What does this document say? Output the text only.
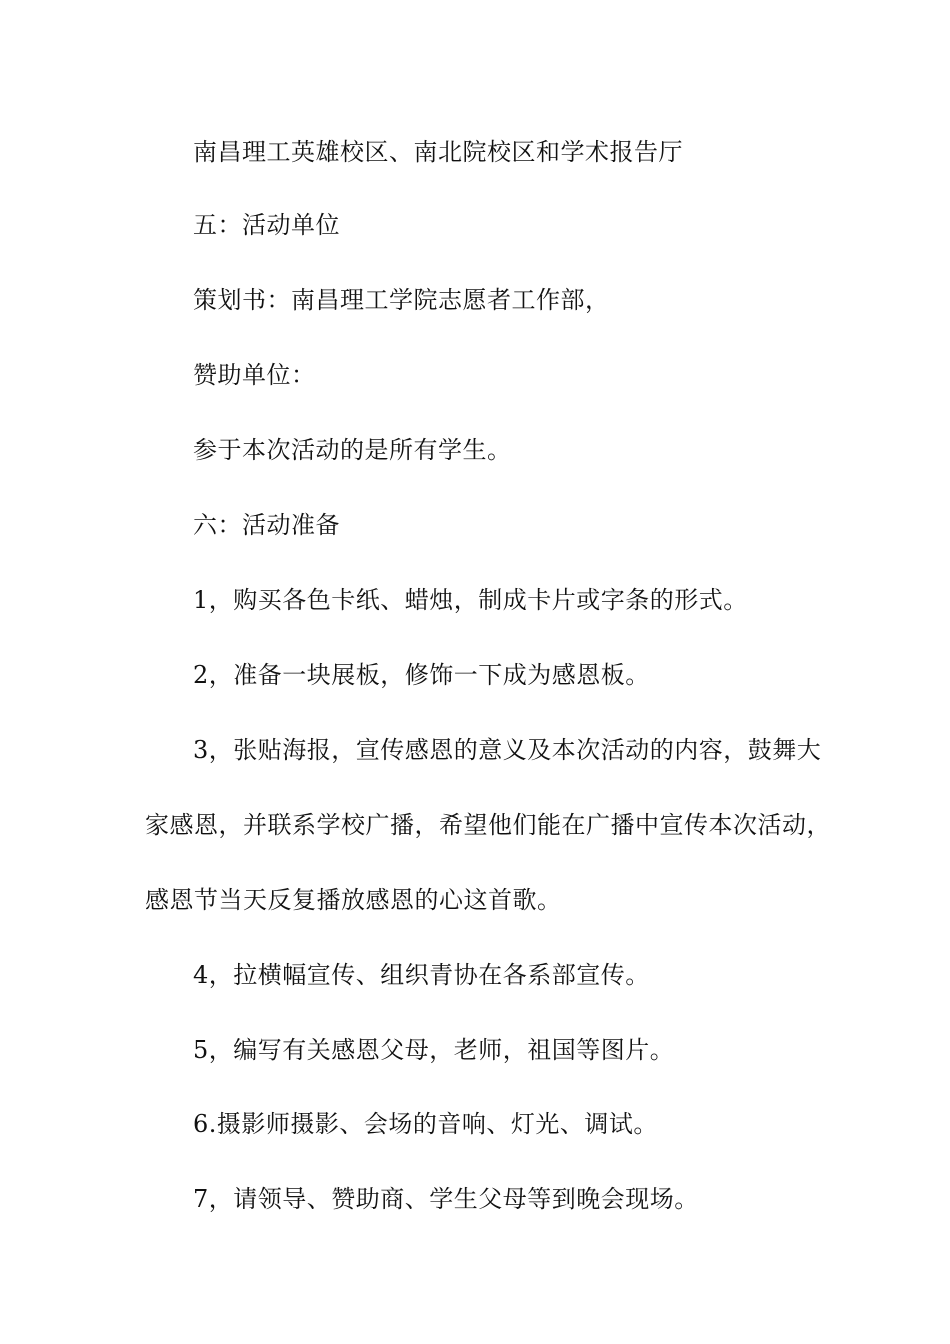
南昌理工英雄校区、南北院校区和学术报告厅

五：活动单位

策划书：南昌理工学院志愿者工作部，

赞助单位：

参于本次活动的是所有学生。

六：活动准备

1，购买各色卡纸、蜡烛，制成卡片或字条的形式。

2，准备一块展板，修饰一下成为感恩板。

3，张贴海报，宣传感恩的意义及本次活动的内容，鼓舞大

家感恩，并联系学校广播，希望他们能在广播中宣传本次活动，

感恩节当天反复播放感恩的心这首歌。

4，拉横幅宣传、组织青协在各系部宣传。

5，编写有关感恩父母，老师，祖国等图片。

6.摄影师摄影、会场的音响、灯光、调试。

7，请领导、赞助商、学生父母等到晚会现场。
